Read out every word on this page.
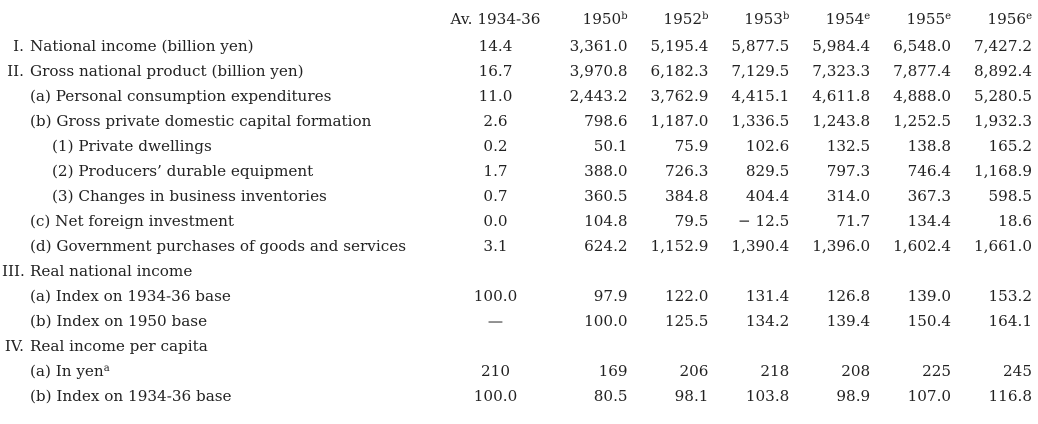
	Av. 1934-36	1950$^b$	1952$^b$	1953$^b$	1954e	1955e	1956e
I. National income (billion yen)	14.4	3,361.0	5,195.4	5,877.5	5,984.4	6,548.0	7,427.2
II. Gross national product (billion yen)	16.7	3,970.8	6,182.3	7,129.5	7,323.3	7,877.4	8,892.4
(a) Personal consumption expenditures	11.0	2,443.2	3,762.9	4,415.1	4,611.8	4,888.0	5,280.5
(b) Gross private domestic capital formation	2.6	798.6	1,187.0	1,336.5	1,243.8	1,252.5	1,932.3
(1) Private dwellings	0.2	50.1	75.9	102.6	132.5	138.8	165.2
(2) Producers’ durable equipment	1.7	388.0	726.3	829.5	797.3	746.4	1,168.9
(3) Changes in business inventories	0.7	360.5	384.8	404.4	314.0	367.3	598.5
(c) Net foreign investment	0.0	104.8	79.5	− 12.5	71.7	134.4	18.6
(d) Government purchases of goods and services	3.1	624.2	1,152.9	1,390.4	1,396.0	1,602.4	1,661.0
III. Real national income							
(a) Index on 1934-36 base	100.0	97.9	122.0	131.4	126.8	139.0	153.2
(b) Index on 1950 base	—	100.0	125.5	134.2	139.4	150.4	164.1
IV. Real income per capita							
(a) In yen$^a$	210	169	206	218	208	225	245
(b) Index on 1934-36 base	100.0	80.5	98.1	103.8	98.9	107.0	116.8
